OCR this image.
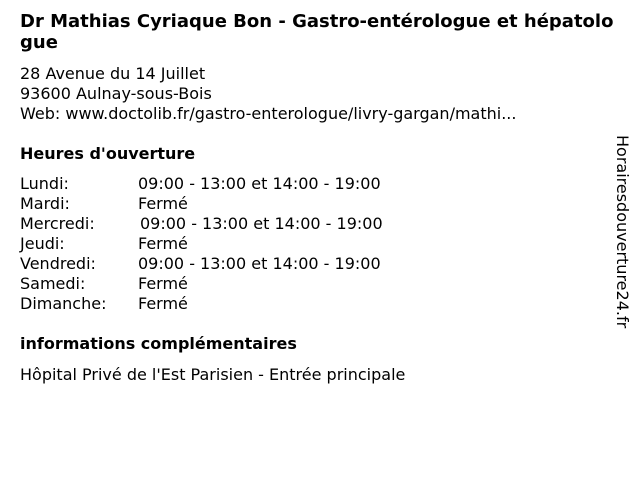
Dr Mathias Cyriaque Bon - Gastro-entérologue et hépatologue
28 Avenue du 14 Juillet
93600 Aulnay-sous-Bois
Web: www.doctolib.fr/gastro-enterologue/livry-gargan/mathi...
Heures d'ouverture
Lundi:	09:00 - 13:00 et 14:00 - 19:00
Mardi:	Fermé
Mercredi:	09:00 - 13:00 et 14:00 - 19:00
Jeudi:	Fermé
Vendredi:	09:00 - 13:00 et 14:00 - 19:00
Samedi:	Fermé
Dimanche: Fermé
informations complémentaires
Hôpital Privé de l'Est Parisien - Entrée principale
Horairesdouverture24.fr
